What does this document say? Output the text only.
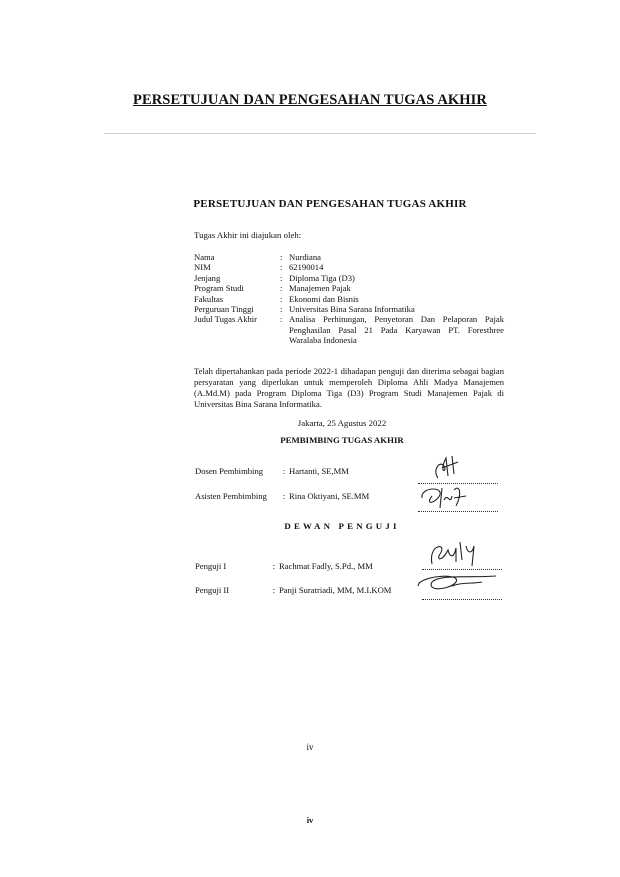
PERSETUJUAN DAN PENGESAHAN TUGAS AKHIR
PERSETUJUAN DAN PENGESAHAN TUGAS AKHIR
Tugas Akhir ini diajukan oleh:
Nama	: Nurdiana
NIM	: 62190014
Jenjang	: Diploma Tiga (D3)
Program Studi	: Manajemen Pajak
Fakultas	: Ekonomi dan Bisnis
Perguruan Tinggi	: Universitas Bina Sarana Informatika
Judul Tugas Akhir	: Analisa Perhitungan, Penyetoran Dan Pelaporan Pajak Penghasilan Pasal 21 Pada Karyawan PT. Foresthree Waralaba Indonesia
Telah dipertahankan pada periode 2022-1 dihadapan penguji dan diterima sebagai bagian persyaratan yang diperlukan untuk memperoleh Diploma Ahli Madya Manajemen (A.Md.M) pada Program Diploma Tiga (D3) Program Studi Manajemen Pajak di Universitas Bina Sarana Informatika.
Jakarta, 25 Agustus 2022
PEMBIMBING TUGAS AKHIR
Dosen Pembimbing	: Hartanti, SE,MM
Asisten Pembimbing	: Rina Oktiyani, SE.MM
DEWAN PENGUJI
Penguji I	: Rachmat Fadly, S.Pd., MM
Penguji II	: Panji Suratriadi, MM, M.I.KOM
iv
iv
